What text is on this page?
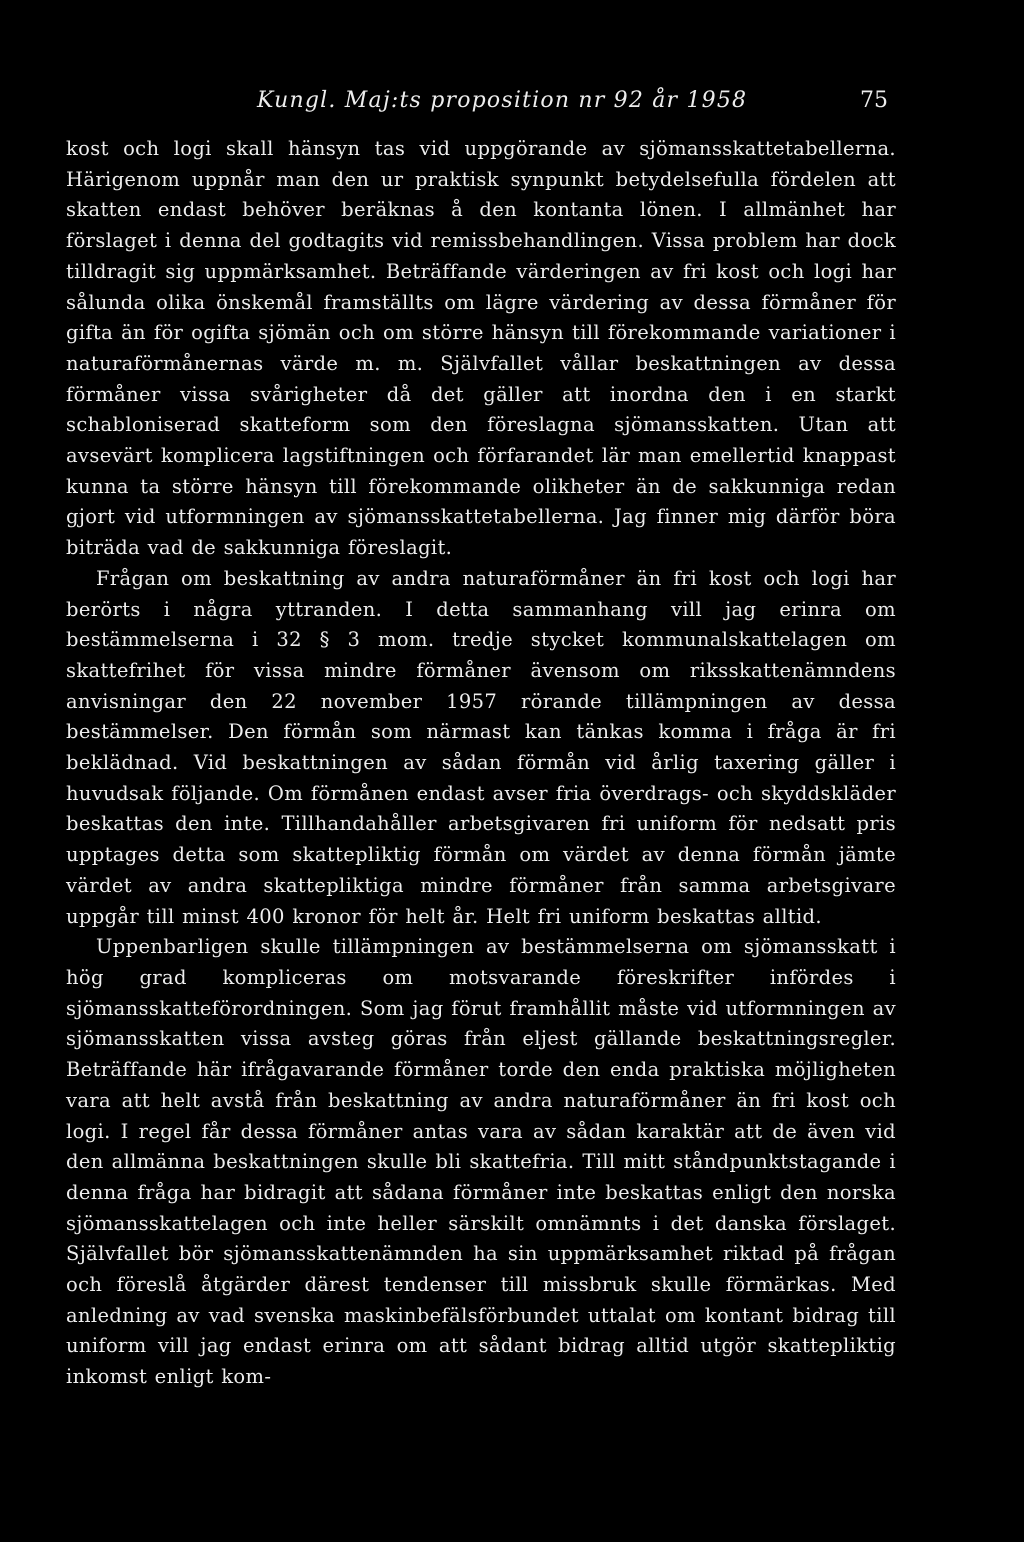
Kungl. Maj:ts proposition nr 92 år 1958	75

kost och logi skall hänsyn tas vid uppgörande av sjömansskattetabellerna. Härigenom uppnår man den ur praktisk synpunkt betydelsefulla fördelen att skatten endast behöver beräknas å den kontanta lönen. I allmänhet har förslaget i denna del godtagits vid remissbehandlingen. Vissa problem har dock tilldragit sig uppmärksamhet. Beträffande värderingen av fri kost och logi har sålunda olika önskemål framställts om lägre värdering av dessa förmåner för gifta än för ogifta sjömän och om större hänsyn till förekommande variationer i naturaförmånernas värde m. m. Självfallet vållar beskattningen av dessa förmåner vissa svårigheter då det gäller att inordna den i en starkt schabloniserad skatteform som den föreslagna sjömansskatten. Utan att avsevärt komplicera lagstiftningen och förfarandet lär man emellertid knappast kunna ta större hänsyn till förekommande olikheter än de sakkunniga redan gjort vid utformningen av sjömansskattetabellerna. Jag finner mig därför böra biträda vad de sakkunniga föreslagit.

Frågan om beskattning av andra naturaförmåner än fri kost och logi har berörts i några yttranden. I detta sammanhang vill jag erinra om bestämmelserna i 32 § 3 mom. tredje stycket kommunalskattelagen om skattefrihet för vissa mindre förmåner ävensom om riksskattenämndens anvisningar den 22 november 1957 rörande tillämpningen av dessa bestämmelser. Den förmån som närmast kan tänkas komma i fråga är fri beklädnad. Vid beskattningen av sådan förmån vid årlig taxering gäller i huvudsak följande. Om förmånen endast avser fria överdrags- och skyddskläder beskattas den inte. Tillhandahåller arbetsgivaren fri uniform för nedsatt pris upptages detta som skattepliktig förmån om värdet av denna förmån jämte värdet av andra skattepliktiga mindre förmåner från samma arbetsgivare uppgår till minst 400 kronor för helt år. Helt fri uniform beskattas alltid.

Uppenbarligen skulle tillämpningen av bestämmelserna om sjömansskatt i hög grad kompliceras om motsvarande föreskrifter infördes i sjömansskatteförordningen. Som jag förut framhållit måste vid utformningen av sjömansskatten vissa avsteg göras från eljest gällande beskattningsregler. Beträffande här ifrågavarande förmåner torde den enda praktiska möjligheten vara att helt avstå från beskattning av andra naturaförmåner än fri kost och logi. I regel får dessa förmåner antas vara av sådan karaktär att de även vid den allmänna beskattningen skulle bli skattefria. Till mitt ståndpunktstagande i denna fråga har bidragit att sådana förmåner inte beskattas enligt den norska sjömansskattelagen och inte heller särskilt omnämnts i det danska förslaget. Självfallet bör sjömansskattenämnden ha sin uppmärksamhet riktad på frågan och föreslå åtgärder därest tendenser till missbruk skulle förmärkas. Med anledning av vad svenska maskinbefälsförbundet uttalat om kontant bidrag till uniform vill jag endast erinra om att sådant bidrag alltid utgör skattepliktig inkomst enligt kom-
